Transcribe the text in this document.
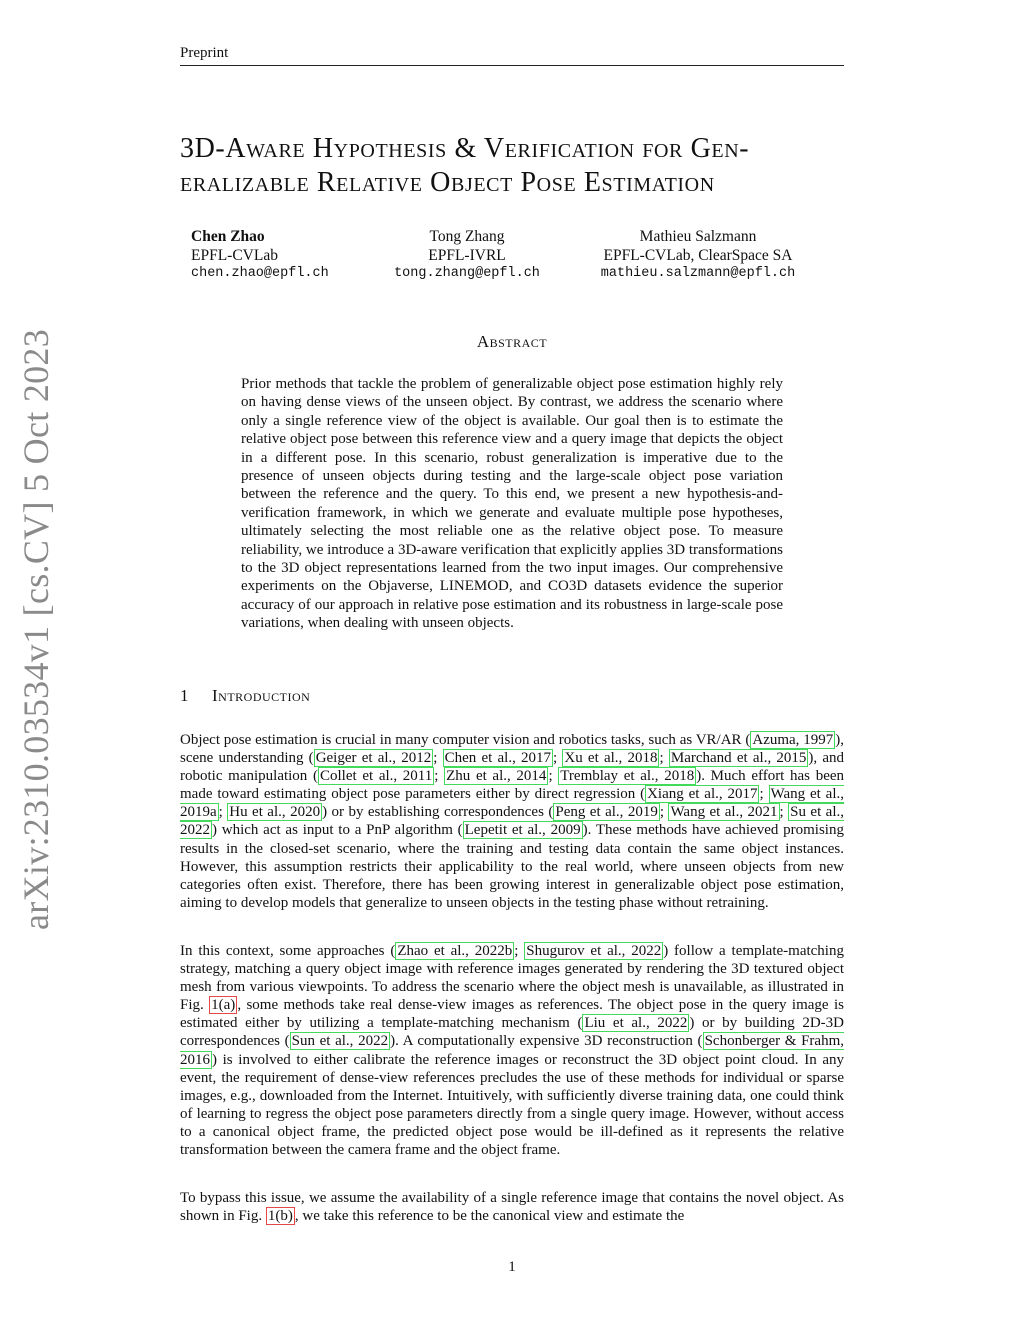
Preprint
arXiv:2310.03534v1 [cs.CV] 5 Oct 2023
3D-Aware Hypothesis & Verification for Gen-
eralizable Relative Object Pose Estimation
Chen Zhao
EPFL-CVLab
chen.zhao@epfl.ch
Tong Zhang
EPFL-IVRL
tong.zhang@epfl.ch
Mathieu Salzmann
EPFL-CVLab, ClearSpace SA
mathieu.salzmann@epfl.ch
Abstract
Prior methods that tackle the problem of generalizable object pose estimation highly rely on having dense views of the unseen object. By contrast, we address the scenario where only a single reference view of the object is available. Our goal then is to estimate the relative object pose between this reference view and a query image that depicts the object in a different pose. In this scenario, robust generalization is imperative due to the presence of unseen objects during testing and the large-scale object pose variation between the reference and the query. To this end, we present a new hypothesis-and-verification framework, in which we generate and evaluate multiple pose hypotheses, ultimately selecting the most reliable one as the relative object pose. To measure reliability, we introduce a 3D-aware verification that explicitly applies 3D transformations to the 3D object representations learned from the two input images. Our comprehensive experiments on the Objaverse, LINEMOD, and CO3D datasets evidence the superior accuracy of our approach in relative pose estimation and its robustness in large-scale pose variations, when dealing with unseen objects.
1 Introduction

Object pose estimation is crucial in many computer vision and robotics tasks, such as VR/AR ( Azuma, 1997 ), scene understanding ( Geiger et al., 2012 ; Chen et al., 2017 ; Xu et al., 2018 ; Marchand et al., 2015 ), and robotic manipulation ( Collet et al., 2011 ; Zhu et al., 2014 ; Tremblay et al., 2018 ). Much effort has been made toward estimating object pose parameters either by direct regression ( Xiang et al., 2017 ; Wang et al., 2019a ; Hu et al., 2020 ) or by establishing correspondences ( Peng et al., 2019 ; Wang et al., 2021 ; Su et al., 2022 ) which act as input to a PnP algorithm ( Lepetit et al., 2009 ). These methods have achieved promising results in the closed-set scenario, where the training and testing data contain the same object instances. However, this assumption restricts their applicability to the real world, where unseen objects from new categories often exist. Therefore, there has been growing interest in generalizable object pose estimation, aiming to develop models that generalize to unseen objects in the testing phase without retraining.

In this context, some approaches ( Zhao et al., 2022b ; Shugurov et al., 2022 ) follow a template-matching strategy, matching a query object image with reference images generated by rendering the 3D textured object mesh from various viewpoints. To address the scenario where the object mesh is unavailable, as illustrated in Fig. 1(a) , some methods take real dense-view images as references. The object pose in the query image is estimated either by utilizing a template-matching mechanism ( Liu et al., 2022 ) or by building 2D-3D correspondences ( Sun et al., 2022 ). A computationally expensive 3D reconstruction ( Schonberger & Frahm, 2016 ) is involved to either calibrate the reference images or reconstruct the 3D object point cloud. In any event, the requirement of dense-view references precludes the use of these methods for individual or sparse images, e.g., downloaded from the Internet. Intuitively, with sufficiently diverse training data, one could think of learning to regress the object pose parameters directly from a single query image. However, without access to a canonical object frame, the predicted object pose would be ill-defined as it represents the relative transformation between the camera frame and the object frame.

To bypass this issue, we assume the availability of a single reference image that contains the novel object. As shown in Fig. 1(b) , we take this reference to be the canonical view and estimate the

1
